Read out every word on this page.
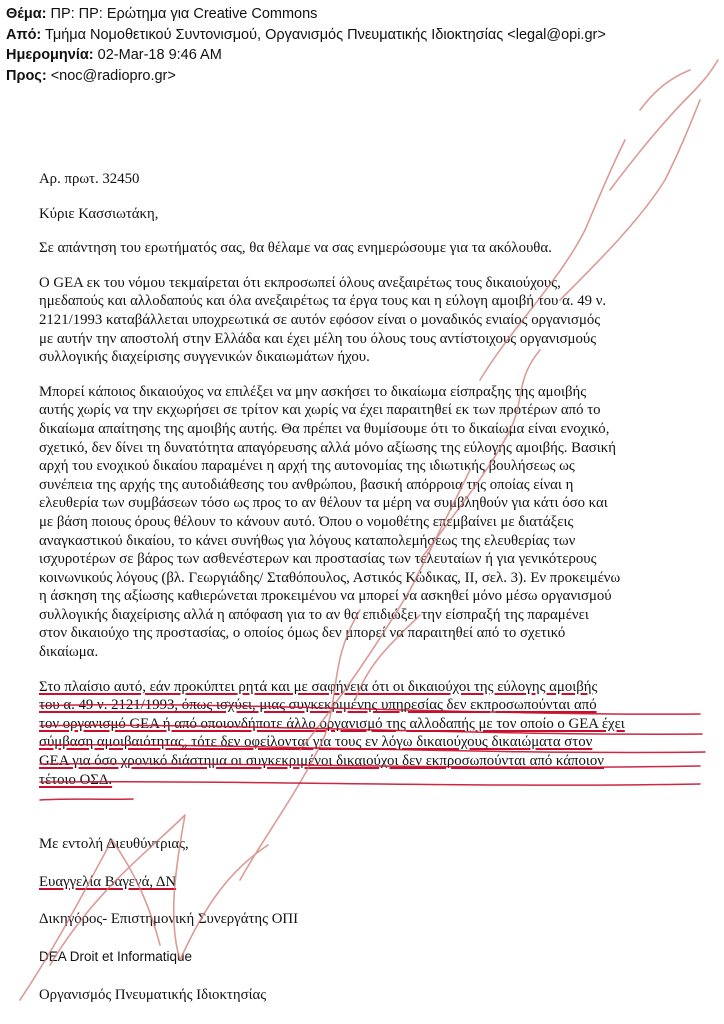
Θέμα: ΠΡ: ΠΡ: Ερώτημα για Creative Commons
Από: Τμήμα Νομοθετικού Συντονισμού, Οργανισμός Πνευματικής Ιδιοκτησίας <legal@opi.gr>
Ημερομηνία: 02-Mar-18 9:46 AM
Προς: <noc@radiopro.gr>

Αρ. πρωτ. 32450

Κύριε Κασσιωτάκη,

Σε απάντηση του ερωτήματός σας, θα θέλαμε να σας ενημερώσουμε για τα ακόλουθα.

O GEA εκ του νόμου τεκμαίρεται ότι εκπροσωπεί όλους ανεξαιρέτως τους δικαιούχους,
ημεδαπούς και αλλοδαπούς και όλα ανεξαιρέτως τα έργα τους και η εύλογη αμοιβή του α. 49 ν.
2121/1993 καταβάλλεται υποχρεωτικά σε αυτόν εφόσον είναι ο μοναδικός ενιαίος οργανισμός
με αυτήν την αποστολή στην Ελλάδα και έχει μέλη του όλους τους αντίστοιχους οργανισμούς
συλλογικής διαχείρισης συγγενικών δικαιωμάτων ήχου.
Μπορεί κάποιος δικαιούχος να επιλέξει να μην ασκήσει το δικαίωμα είσπραξης της αμοιβής
αυτής χωρίς να την εκχωρήσει σε τρίτον και χωρίς να έχει παραιτηθεί εκ των προτέρων από το
δικαίωμα απαίτησης της αμοιβής αυτής. Θα πρέπει να θυμίσουμε ότι το δικαίωμα είναι ενοχικό,
σχετικό, δεν δίνει τη δυνατότητα απαγόρευσης αλλά μόνο αξίωσης της εύλογης αμοιβής. Βασική
αρχή του ενοχικού δικαίου παραμένει η αρχή της αυτονομίας της ιδιωτικής βουλήσεως ως
συνέπεια της αρχής της αυτοδιάθεσης του ανθρώπου, βασική απόρροια της οποίας είναι η
ελευθερία των συμβάσεων τόσο ως προς το αν θέλουν τα μέρη να συμβληθούν για κάτι όσο και
με βάση ποιους όρους θέλουν το κάνουν αυτό. Όπου ο νομοθέτης επεμβαίνει με διατάξεις
αναγκαστικού δικαίου, το κάνει συνήθως για λόγους καταπολεμήσεως της ελευθερίας των
ισχυροτέρων σε βάρος των ασθενέστερων και προστασίας των τελευταίων ή για γενικότερους
κοινωνικούς λόγους (βλ. Γεωργιάδης/ Σταθόπουλος, Αστικός Κώδικας, ΙΙ, σελ. 3). Εν προκειμένω
η άσκηση της αξίωσης καθιερώνεται προκειμένου να μπορεί να ασκηθεί μόνο μέσω οργανισμού
συλλογικής διαχείρισης αλλά η απόφαση για το αν θα επιδιώξει την είσπραξή της παραμένει
στον δικαιούχο της προστασίας, ο οποίος όμως δεν μπορεί να παραιτηθεί από το σχετικό
δικαίωμα.
Στο πλαίσιο αυτό, εάν προκύπτει ρητά και με σαφήνεια ότι οι δικαιούχοι της εύλογης αμοιβής
του α. 49 ν. 2121/1993, όπως ισχύει, μιας συγκεκριμένης υπηρεσίας δεν εκπροσωπούνται από
τον οργανισμό GEA ή από οποιονδήποτε άλλο οργανισμό της αλλοδαπής με τον οποίο ο GEA έχει
σύμβαση αμοιβαιότητας, τότε δεν οφείλονται για τους εν λόγω δικαιούχους δικαιώματα στον
GEA για όσο χρονικό διάστημα οι συγκεκριμένοι δικαιούχοι δεν εκπροσωπούνται από κάποιον
τέτοιο ΟΣΔ.

Με εντολή Διευθύντριας,

Ευαγγελία Βαγενά, ΔΝ

Δικηγόρος- Επιστημονική Συνεργάτης ΟΠΙ

DEA Droit et Informatique

Οργανισμός Πνευματικής Ιδιοκτησίας
